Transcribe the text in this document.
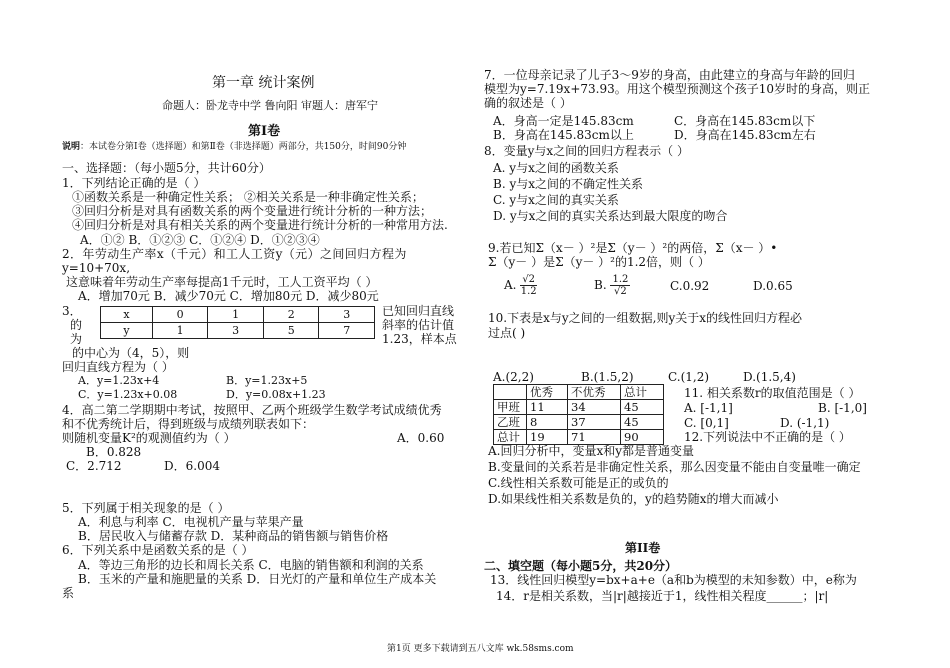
第一章 统计案例
命题人：卧龙寺中学 鲁向阳 审题人：唐军宁
第Ⅰ卷
说明：本试卷分第Ⅰ卷（选择题）和第Ⅱ卷（非选择题）两部分，共150分，时间90分钟
一、选择题：（每小题5分，共计60分）
1．下列结论正确的是（ ）
①函数关系是一种确定性关系； ②相关关系是一种非确定性关系；
③回归分析是对具有函数关系的两个变量进行统计分析的一种方法；
④回归分析是对具有相关关系的两个变量进行统计分析的一种常用方法.
A．①② B．①②③ C．①②④ D．①②③④
2．年劳动生产率x（千元）和工人工资y（元）之间回归方程为
y=10+70x,
这意味着年劳动生产率每提高1千元时，工人工资平均（ ）
A．增加70元 B．减少70元 C．增加80元 D．减少80元
3．
的
为
x	0	1	2	3
y	1	3	5	7
已知回归直线
斜率的估计值
1.23，样本点
的中心为（4，5），则
回归直线方程为（ ）
A．y=1.23x+4	B．y=1.23x+5
C．y=1.23x+0.08	D．y=0.08x+1.23
4．高二第二学期期中考试，按照甲、乙两个班级学生数学考试成绩优秀
和不优秀统计后，得到班级与成绩列联表如下：
则随机变量K²的观测值约为（ ）	A．0.60
B．0.828
C．2.712	D．6.004
5．下列属于相关现象的是（ ）
A．利息与利率 C．电视机产量与苹果产量
B．居民收入与储蓄存款 D．某种商品的销售额与销售价格
6．下列关系中是函数关系的是（ ）
A．等边三角形的边长和周长关系 C．电脑的销售额和利润的关系
B．玉米的产量和施肥量的关系 D．日光灯的产量和单位生产成本关
系
7．一位母亲记录了儿子3～9岁的身高，由此建立的身高与年龄的回归
模型为y=7.19x+73.93。用这个模型预测这个孩子10岁时的身高，则正
确的叙述是（ ）
A．身高一定是145.83cm	C．身高在145.83cm以下
B．身高在145.83cm以上	D．身高在145.83cm左右
8．变量y与x之间的回归方程表示（ ）
A. y与x之间的函数关系
B. y与x之间的不确定性关系
C. y与x之间的真实关系
D. y与x之间的真实关系达到最大限度的吻合
9.若已知Σ（x－ ）²是Σ（y－ ）²的两倍，Σ（x－ ）•
Σ（y－ ）是Σ（y－ ）²的1.2倍，则（ ）
A. $\frac{√2}{1.2}$	B. $\frac{1.2}{√2}$	C.0.92	D.0.65
10.下表是x与y之间的一组数据,则y关于x的线性回归方程必
过点( )
A.(2,2)	B.(1.5,2)	C.(1,2)	D.(1.5,4)
	优秀	不优秀	总计
甲班	11	34	45
乙班	8	37	45
总计	19	71	90
11. 相关系数r的取值范围是（ ）
A. [-1,1]	B. [-1,0]
C. [0,1]	D. (-1,1)
12.下列说法中不正确的是（ ）
A.回归分析中，变量x和y都是普通变量
B.变量间的关系若是非确定性关系，那么因变量不能由自变量唯一确定
C.线性相关系数可能是正的或负的
D.如果线性相关系数是负的，y的趋势随x的增大而减小
第II卷
二、填空题（每小题5分，共20分）
13．线性回归模型y=bx+a+e（a和b为模型的未知参数）中，e称为
14．r是相关系数，当|r|越接近于1，线性相关程度______；|r|
第1页 更多下载请到五八文库 wk.58sms.com
